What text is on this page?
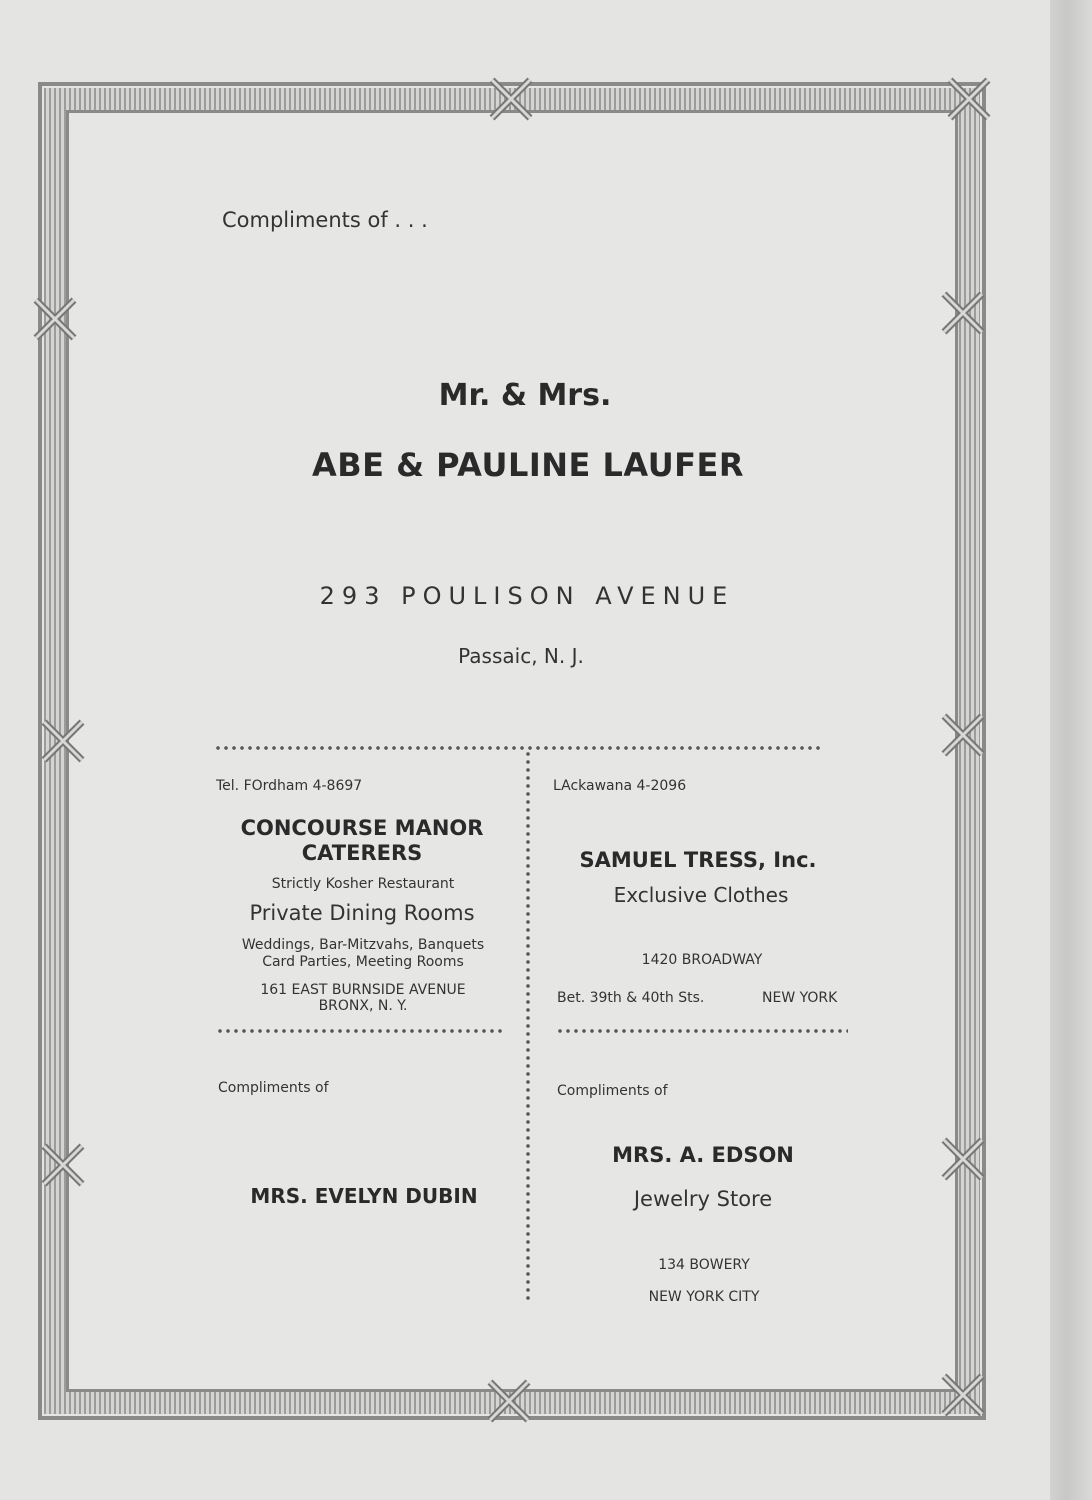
Compliments of . . .
Mr. & Mrs.
ABE & PAULINE LAUFER
293 POULISON AVENUE
Passaic, N. J.
Tel. FOrdham 4-8697
CONCOURSE MANOR
CATERERS
Strictly Kosher Restaurant
Private Dining Rooms
Weddings, Bar-Mitzvahs, Banquets
Card Parties, Meeting Rooms
161 EAST BURNSIDE AVENUE
BRONX, N. Y.
LAckawana 4-2096
SAMUEL TRESS, Inc.
Exclusive Clothes
1420 BROADWAY
Bet. 39th & 40th Sts.	NEW YORK
Compliments of
MRS. EVELYN DUBIN
Compliments of
MRS. A. EDSON
Jewelry Store
134 BOWERY
NEW YORK CITY
